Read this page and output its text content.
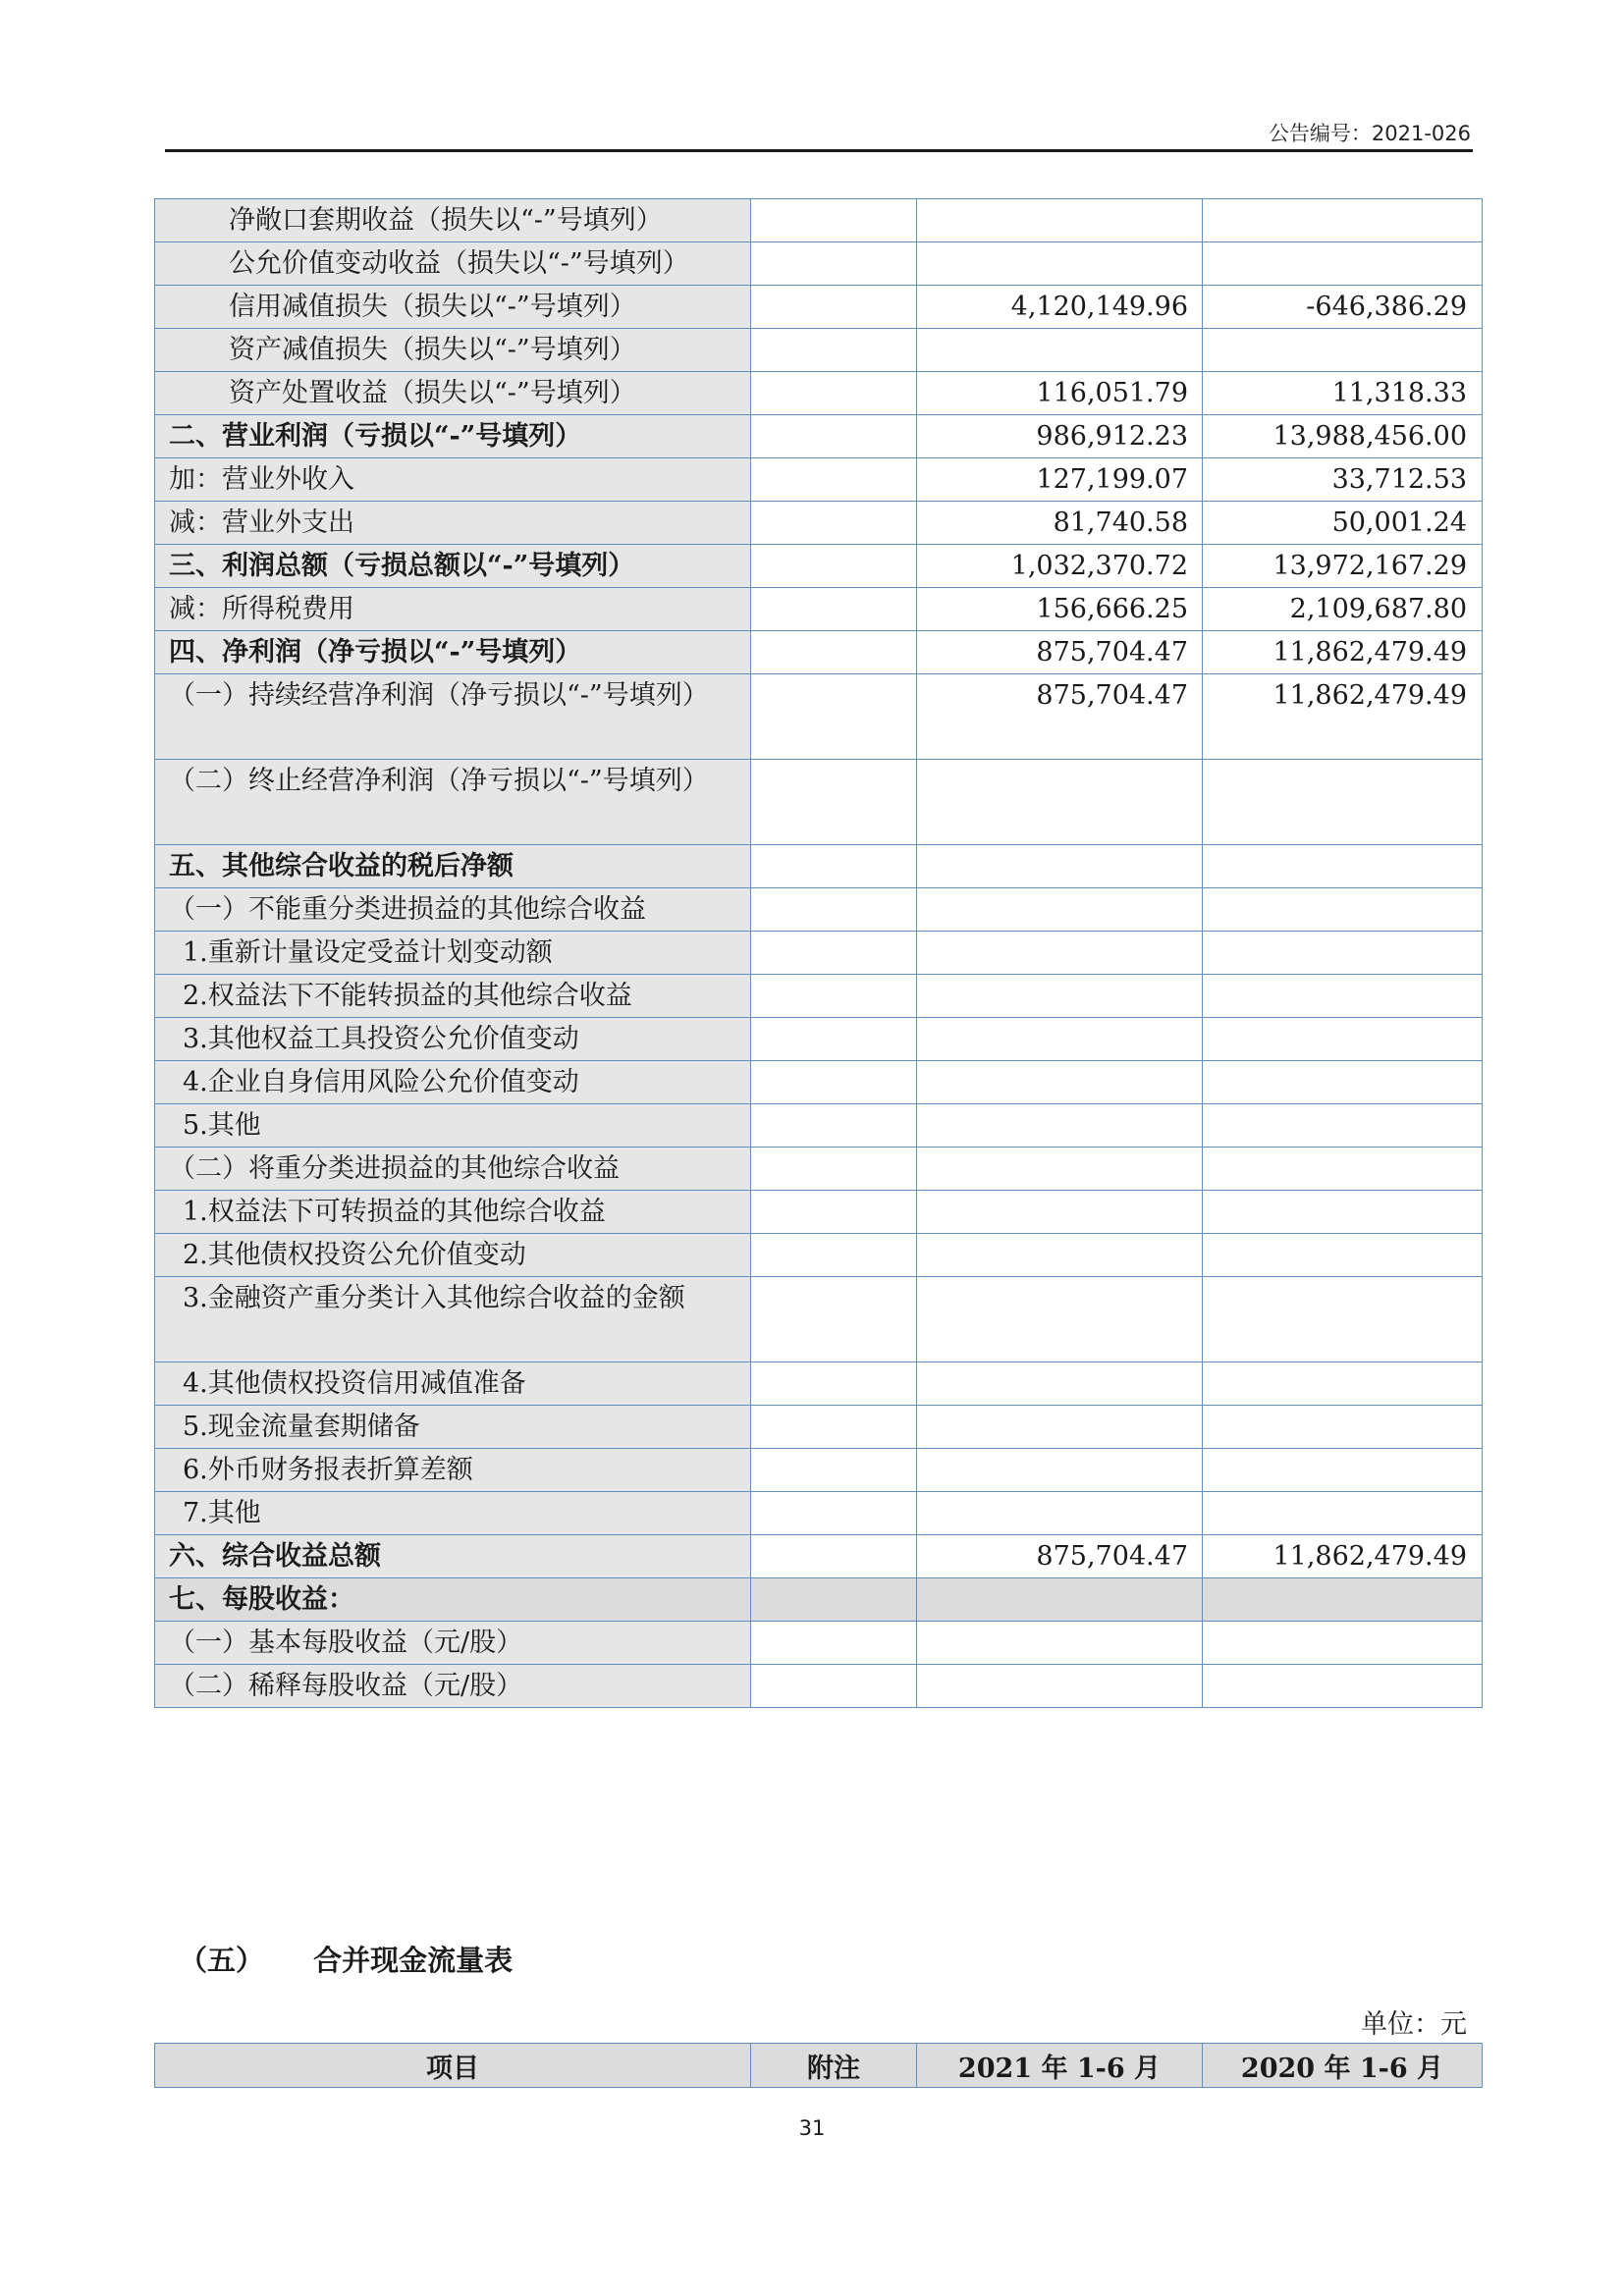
公告编号：2021-026
净敞口套期收益（损失以“-”号填列）			
公允价值变动收益（损失以“-”号填列）			
信用减值损失（损失以“-”号填列）		4,120,149.96	-646,386.29
资产减值损失（损失以“-”号填列）			
资产处置收益（损失以“-”号填列）		116,051.79	11,318.33
二、营业利润（亏损以“-”号填列）		986,912.23	13,988,456.00
加：营业外收入		127,199.07	33,712.53
减：营业外支出		81,740.58	50,001.24
三、利润总额（亏损总额以“-”号填列）		1,032,370.72	13,972,167.29
减：所得税费用		156,666.25	2,109,687.80
四、净利润（净亏损以“-”号填列）		875,704.47	11,862,479.49
（一）持续经营净利润（净亏损以“-”号填列）		875,704.47	11,862,479.49
（二）终止经营净利润（净亏损以“-”号填列）			
五、其他综合收益的税后净额			
（一）不能重分类进损益的其他综合收益			
1.重新计量设定受益计划变动额			
2.权益法下不能转损益的其他综合收益			
3.其他权益工具投资公允价值变动			
4.企业自身信用风险公允价值变动			
5.其他			
（二）将重分类进损益的其他综合收益			
1.权益法下可转损益的其他综合收益			
2.其他债权投资公允价值变动			
3.金融资产重分类计入其他综合收益的金额			
4.其他债权投资信用减值准备			
5.现金流量套期储备			
6.外币财务报表折算差额			
7.其他			
六、综合收益总额		875,704.47	11,862,479.49
七、每股收益：			
（一）基本每股收益（元/股）			
（二）稀释每股收益（元/股）			
（五） 合并现金流量表
单位：元
项目	附注	2021 年 1-6 月	2020 年 1-6 月
31
